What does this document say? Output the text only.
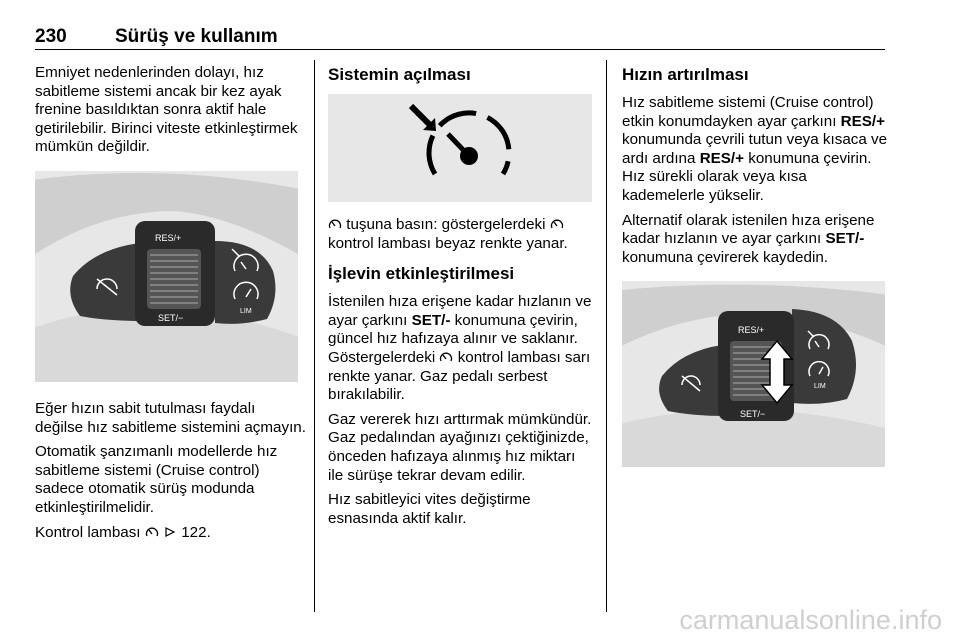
230	Sürüş ve kullanım

Emniyet nedenlerinden dolayı, hız sabitleme sistemi ancak bir kez ayak frenine basıldıktan sonra aktif hale getirilebilir. Birinci viteste etkinleştirmek mümkün değildir.

RES/+
SET/−
LIM

Eğer hızın sabit tutulması faydalı değilse hız sabitleme sistemini açmayın.

Otomatik şanzımanlı modellerde hız sabitleme sistemi (Cruise control) sadece otomatik sürüş modunda etkinleştirilmelidir.

Kontrol lambası	122.

Sistemin açılması

tuşuna basın: göstergelerdeki  kontrol lambası beyaz renkte yanar.

İşlevin etkinleştirilmesi

İstenilen hıza erişene kadar hızlanın ve ayar çarkını SET/- konumuna çevirin, güncel hız hafızaya alınır ve saklanır. Göstergelerdeki kontrol lambası sarı renkte yanar. Gaz pedalı serbest bırakılabilir.

Gaz vererek hızı arttırmak mümkündür. Gaz pedalından ayağınızı çektiğinizde, önceden hafızaya alınmış hız miktarı ile sürüşe tekrar devam edilir.

Hız sabitleyici vites değiştirme esnasında aktif kalır.

Hızın artırılması

Hız sabitleme sistemi (Cruise control) etkin konumdayken ayar çarkını RES/+ konumunda çevrili tutun veya kısaca ve ardı ardına RES/+ konumuna çevirin. Hız sürekli olarak veya kısa kademelerle yükselir.

Alternatif olarak istenilen hıza erişene kadar hızlanın ve ayar çarkını SET/- konumuna çevirerek kaydedin.

RES/+
SET/−
LIM
carmanualsonline.info
